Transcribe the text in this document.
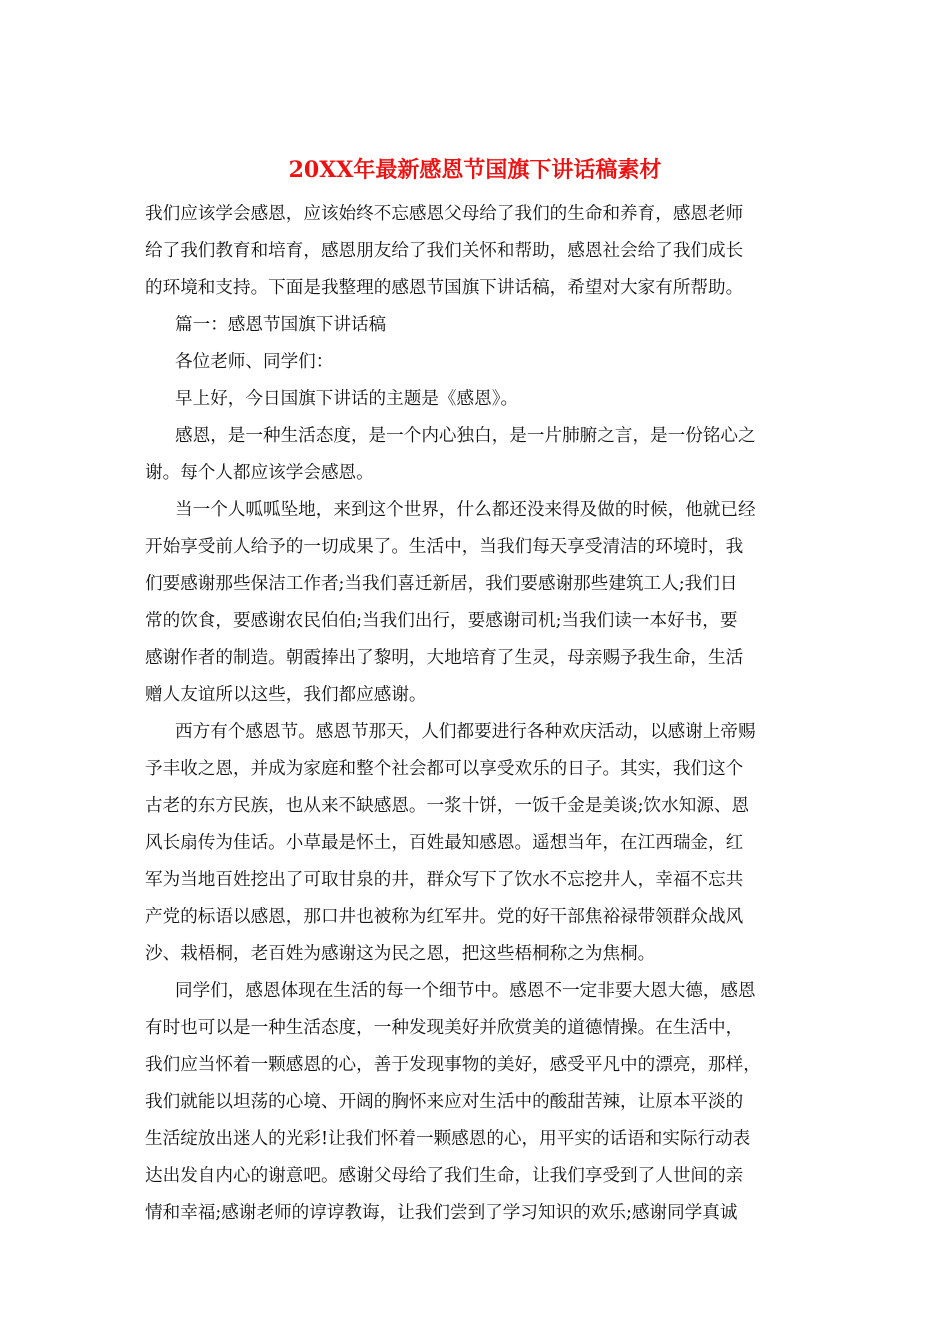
20XX年最新感恩节国旗下讲话稿素材
我们应该学会感恩，应该始终不忘感恩父母给了我们的生命和养育，感恩老师
给了我们教育和培育，感恩朋友给了我们关怀和帮助，感恩社会给了我们成长
的环境和支持。下面是我整理的感恩节国旗下讲话稿，希望对大家有所帮助。
篇一：感恩节国旗下讲话稿
各位老师、同学们：
早上好，今日国旗下讲话的主题是《感恩》。
感恩，是一种生活态度，是一个内心独白，是一片肺腑之言，是一份铭心之
谢。每个人都应该学会感恩。
当一个人呱呱坠地，来到这个世界，什么都还没来得及做的时候，他就已经
开始享受前人给予的一切成果了。生活中，当我们每天享受清洁的环境时，我
们要感谢那些保洁工作者;当我们喜迁新居，我们要感谢那些建筑工人;我们日
常的饮食，要感谢农民伯伯;当我们出行，要感谢司机;当我们读一本好书，要
感谢作者的制造。朝霞捧出了黎明，大地培育了生灵，母亲赐予我生命，生活
赠人友谊所以这些，我们都应感谢。
西方有个感恩节。感恩节那天，人们都要进行各种欢庆活动，以感谢上帝赐
予丰收之恩，并成为家庭和整个社会都可以享受欢乐的日子。其实，我们这个
古老的东方民族，也从来不缺感恩。一浆十饼，一饭千金是美谈;饮水知源、恩
风长扇传为佳话。小草最是怀土，百姓最知感恩。遥想当年，在江西瑞金，红
军为当地百姓挖出了可取甘泉的井，群众写下了饮水不忘挖井人，幸福不忘共
产党的标语以感恩，那口井也被称为红军井。党的好干部焦裕禄带领群众战风
沙、栽梧桐，老百姓为感谢这为民之恩，把这些梧桐称之为焦桐。
同学们，感恩体现在生活的每一个细节中。感恩不一定非要大恩大德，感恩
有时也可以是一种生活态度，一种发现美好并欣赏美的道德情操。在生活中，
我们应当怀着一颗感恩的心，善于发现事物的美好，感受平凡中的漂亮，那样，
我们就能以坦荡的心境、开阔的胸怀来应对生活中的酸甜苦辣，让原本平淡的
生活绽放出迷人的光彩!让我们怀着一颗感恩的心，用平实的话语和实际行动表
达出发自内心的谢意吧。感谢父母给了我们生命，让我们享受到了人世间的亲
情和幸福;感谢老师的谆谆教诲，让我们尝到了学习知识的欢乐;感谢同学真诚
